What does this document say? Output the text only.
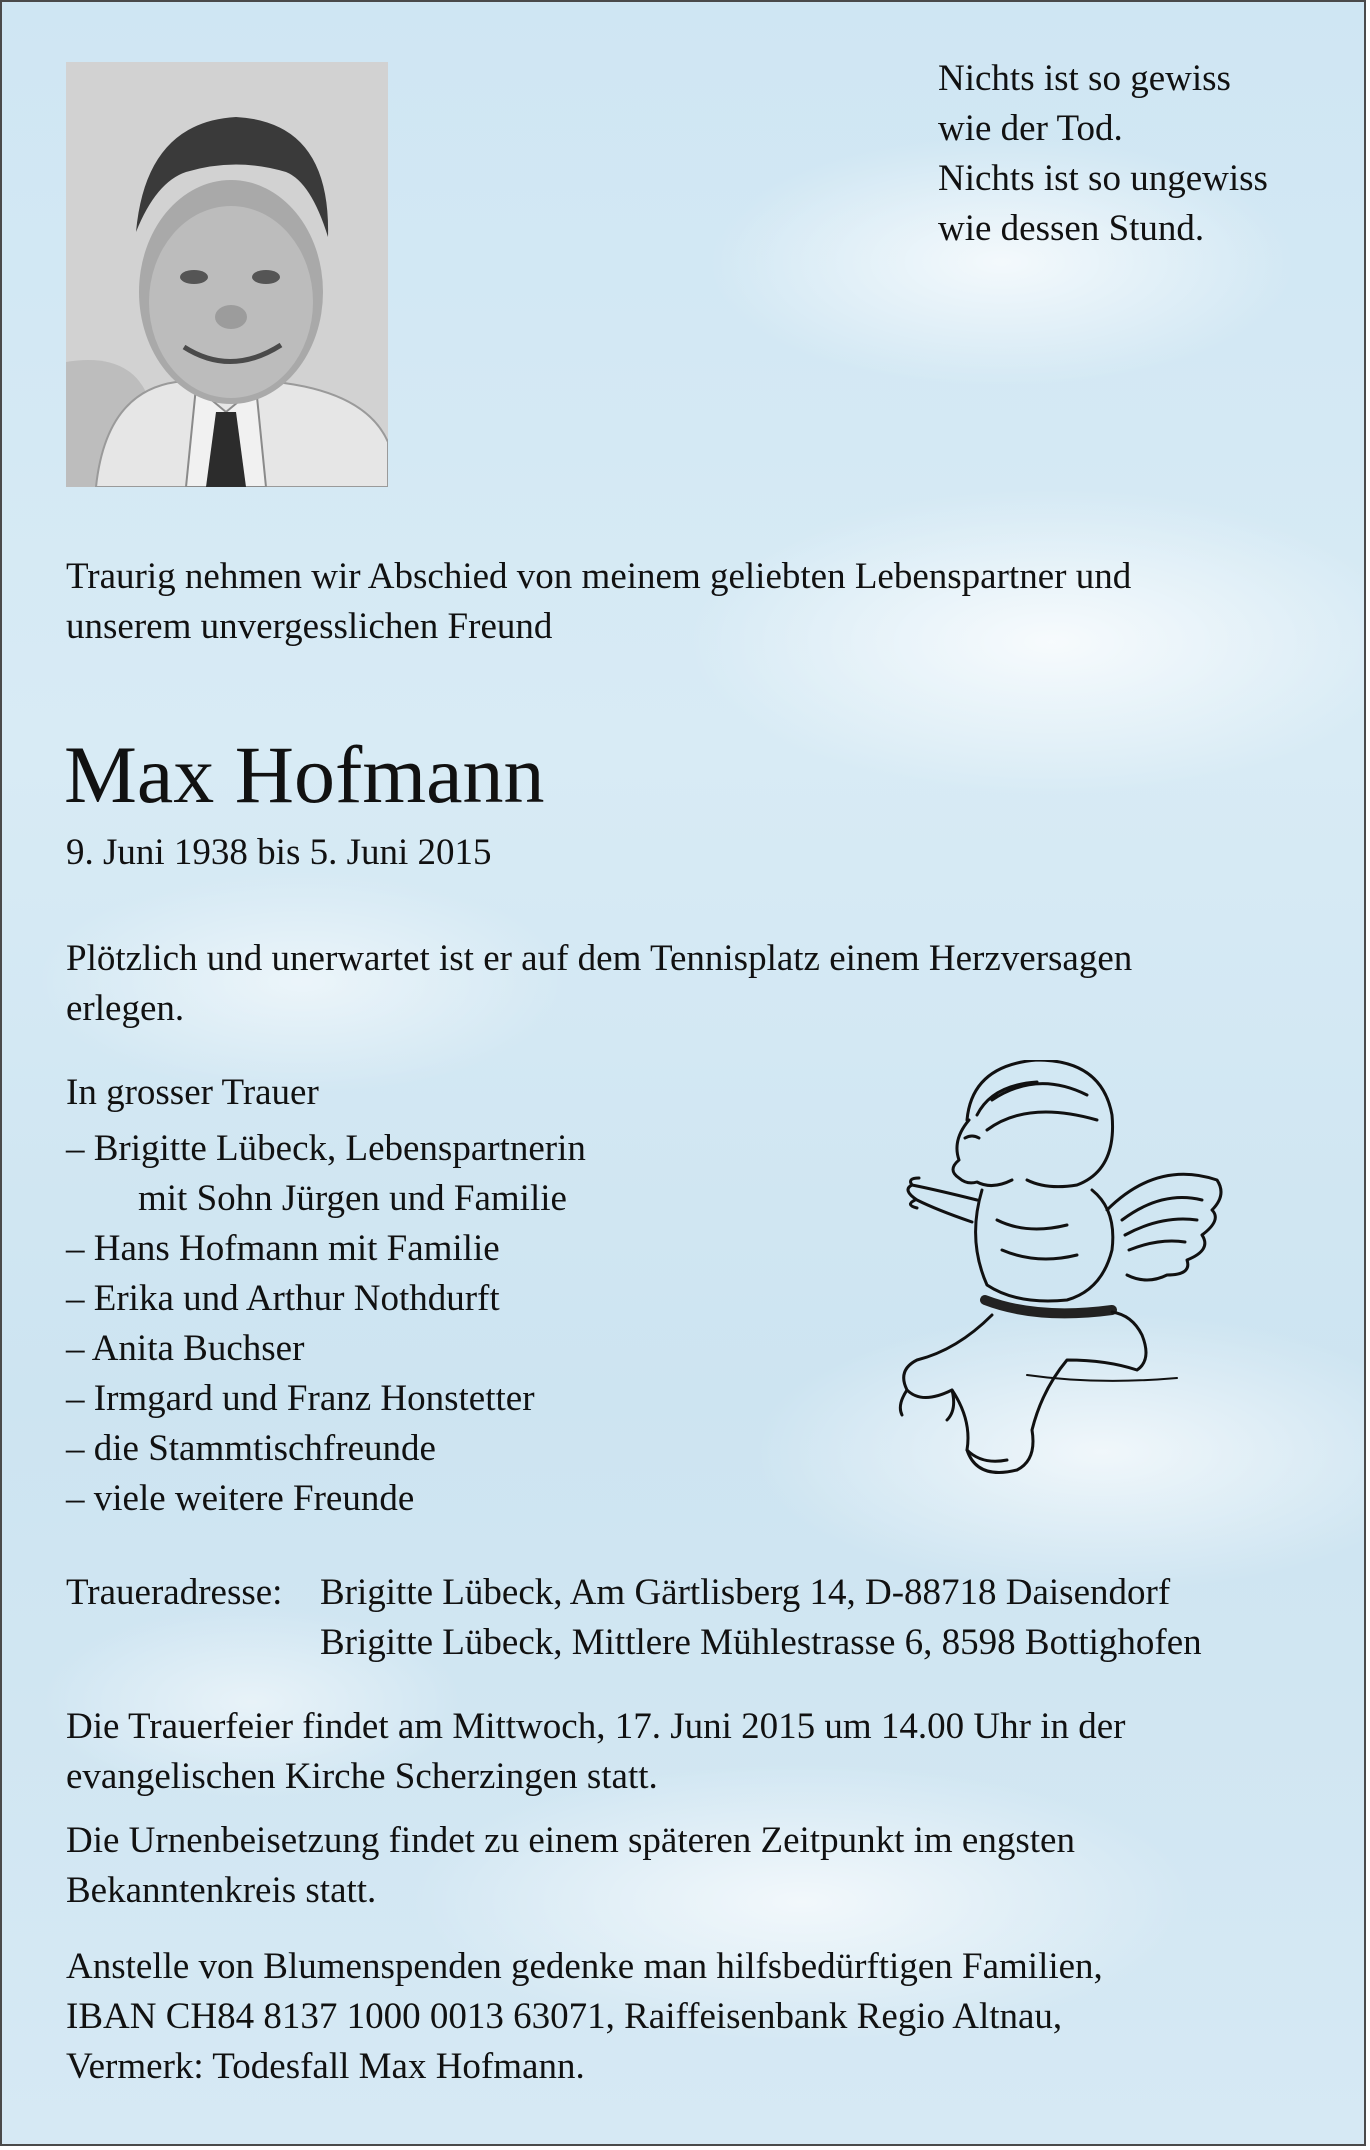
Nichts ist so gewiss
wie der Tod.
Nichts ist so ungewiss
wie dessen Stund.
Traurig nehmen wir Abschied von meinem geliebten Lebenspartner und
unserem unvergesslichen Freund
Max Hofmann
9. Juni 1938 bis 5. Juni 2015
Plötzlich und unerwartet ist er auf dem Tennisplatz einem Herzversagen
erlegen.
In grosser Trauer
– Brigitte Lübeck, Lebenspartnerin
mit Sohn Jürgen und Familie
– Hans Hofmann mit Familie
– Erika und Arthur Nothdurft
– Anita Buchser
– Irmgard und Franz Honstetter
– die Stammtischfreunde
– viele weitere Freunde
Traueradresse:	Brigitte Lübeck, Am Gärtlisberg 14, D-88718 Daisendorf
Brigitte Lübeck, Mittlere Mühlestrasse 6, 8598 Bottighofen
Die Trauerfeier findet am Mittwoch, 17. Juni 2015 um 14.00 Uhr in der
evangelischen Kirche Scherzingen statt.
Die Urnenbeisetzung findet zu einem späteren Zeitpunkt im engsten
Bekanntenkreis statt.
Anstelle von Blumenspenden gedenke man hilfsbedürftigen Familien,
IBAN CH84 8137 1000 0013 63071, Raiffeisenbank Regio Altnau,
Vermerk: Todesfall Max Hofmann.
